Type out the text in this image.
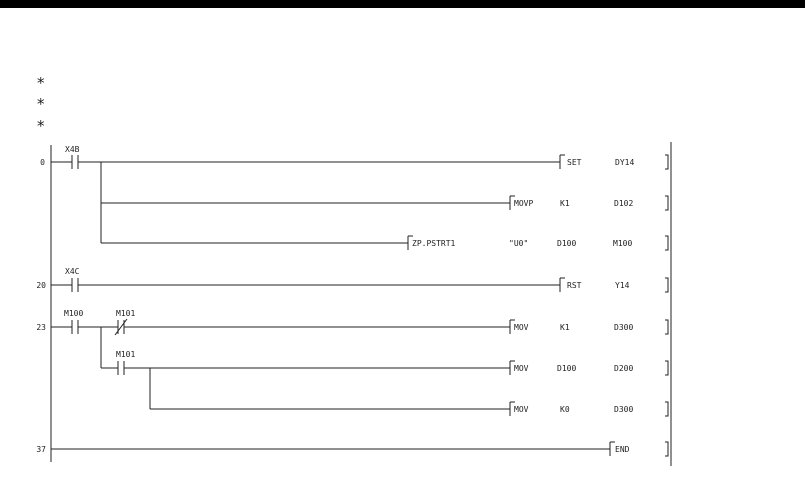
*
*
*
0
X4B
SET	DY14
MOVP	K1	D102
ZP.PSTRT1	"U0"	D100	M100
20
X4C
RST	Y14
23
M100	M101
M101
MOV	K1	D300
MOV	D100	D200
MOV	K0	D300
37	END
